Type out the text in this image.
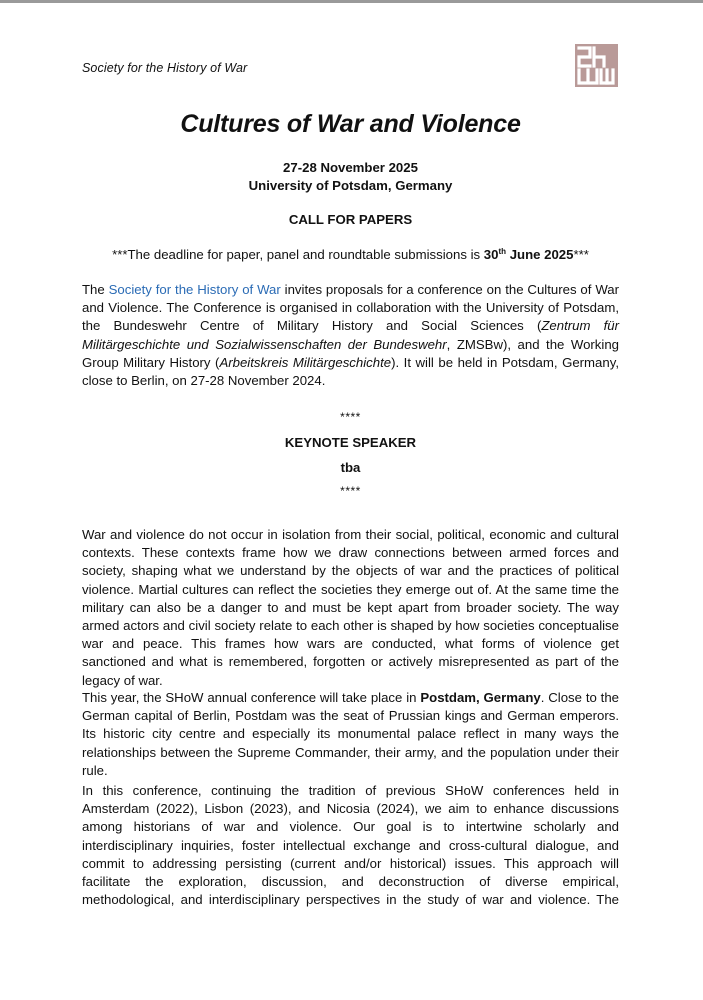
Society for the History of War
Cultures of War and Violence
27-28 November 2025
University of Potsdam, Germany
CALL FOR PAPERS
***The deadline for paper, panel and roundtable submissions is 30th June 2025***
The Society for the History of War invites proposals for a conference on the Cultures of War and Violence. The Conference is organised in collaboration with the University of Potsdam, the Bundeswehr Centre of Military History and Social Sciences (Zentrum für Militärgeschichte und Sozialwissenschaften der Bundeswehr, ZMSBw), and the Working Group Military History (Arbeitskreis Militärgeschichte). It will be held in Potsdam, Germany, close to Berlin, on 27-28 November 2024.
****
KEYNOTE SPEAKER
tba
****
War and violence do not occur in isolation from their social, political, economic and cultural contexts. These contexts frame how we draw connections between armed forces and society, shaping what we understand by the objects of war and the practices of political violence. Martial cultures can reflect the societies they emerge out of. At the same time the military can also be a danger to and must be kept apart from broader society. The way armed actors and civil society relate to each other is shaped by how societies conceptualise war and peace. This frames how wars are conducted, what forms of violence get sanctioned and what is remembered, forgotten or actively misrepresented as part of the legacy of war.
This year, the SHoW annual conference will take place in Postdam, Germany. Close to the German capital of Berlin, Postdam was the seat of Prussian kings and German emperors. Its historic city centre and especially its monumental palace reflect in many ways the relationships between the Supreme Commander, their army, and the population under their rule.
In this conference, continuing the tradition of previous SHoW conferences held in Amsterdam (2022), Lisbon (2023), and Nicosia (2024), we aim to enhance discussions among historians of war and violence. Our goal is to intertwine scholarly and interdisciplinary inquiries, foster intellectual exchange and cross-cultural dialogue, and commit to addressing persisting (current and/or historical) issues. This approach will facilitate the exploration, discussion, and deconstruction of diverse empirical, methodological, and interdisciplinary perspectives in the study of war and violence. The
